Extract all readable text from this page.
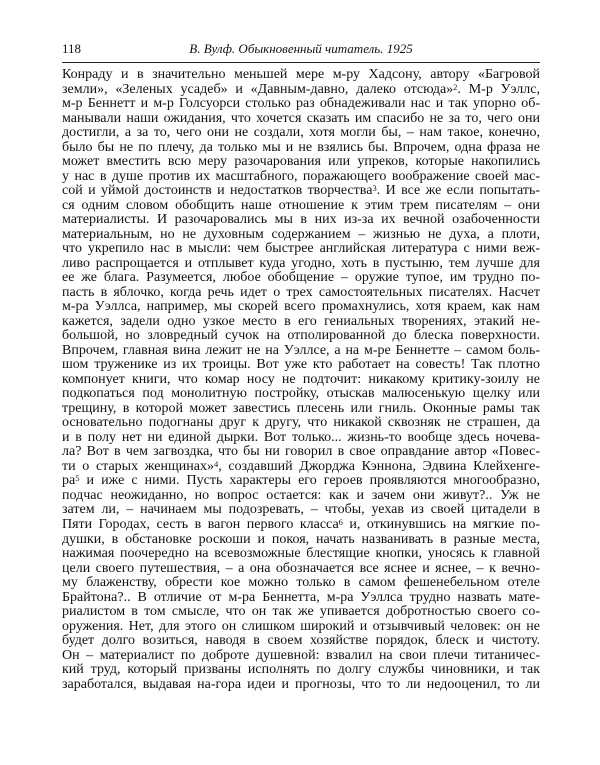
118	В. Вулф. Обыкновенный читатель. 1925
Конраду и в значительно меньшей мере м-ру Хадсону, автору «Багровой
земли», «Зеленых усадеб» и «Давным-давно, далеко отсюда»$^2$. М-р Уэллс,
м-р Беннетт и м-р Голсуорси столько раз обнадеживали нас и так упорно об-
манывали наши ожидания, что хочется сказать им спасибо не за то, чего они
достигли, а за то, чего они не создали, хотя могли бы, – нам такое, конечно,
было бы не по плечу, да только мы и не взялись бы. Впрочем, одна фраза не
может вместить всю меру разочарования или упреков, которые накопились
у нас в душе против их масштабного, поражающего воображение своей мас-
сой и уймой достоинств и недостатков творчества$^3$. И все же если попытать-
ся одним словом обобщить наше отношение к этим трем писателям – они
материалисты. И разочаровались мы в них из-за их вечной озабоченности
материальным, но не духовным содержанием – жизнью не духа, а плоти,
что укрепило нас в мысли: чем быстрее английская литература с ними веж-
ливо распрощается и отплывет куда угодно, хоть в пустыню, тем лучше для
ее же блага. Разумеется, любое обобщение – оружие тупое, им трудно по-
пасть в яблочко, когда речь идет о трех самостоятельных писателях. Насчет
м-ра Уэллса, например, мы скорей всего промахнулись, хотя краем, как нам
кажется, задели одно узкое место в его гениальных творениях, этакий не-
большой, но зловредный сучок на отполированной до блеска поверхности.
Впрочем, главная вина лежит не на Уэллсе, а на м-ре Беннетте – самом боль-
шом труженике из их троицы. Вот уже кто работает на совесть! Так плотно
компонует книги, что комар носу не подточит: никакому критику-зоилу не
подкопаться под монолитную постройку, отыскав малюсенькую щелку или
трещину, в которой может завестись плесень или гниль. Оконные рамы так
основательно подогнаны друг к другу, что никакой сквозняк не страшен, да
и в полу нет ни единой дырки. Вот только... жизнь-то вообще здесь ночева-
ла? Вот в чем загвоздка, что бы ни говорил в свое оправдание автор «Повес-
ти о старых женщинах»$^4$, создавший Джорджа Кэннона, Эдвина Клейхенге-
$ра^5$ и иже с ними. Пусть характеры его героев проявляются многообразно,
подчас неожиданно, но вопрос остается: как и зачем они живут?.. Уж не
затем ли, – начинаем мы подозревать, – чтобы, уехав из своей цитадели в
Пяти Городах, сесть в вагон первого класса$^6$ и, откинувшись на мягкие по-
душки, в обстановке роскоши и покоя, начать названивать в разные места,
нажимая поочередно на всевозможные блестящие кнопки, уносясь к главной
цели своего путешествия, – а она обозначается все яснее и яснее, – к вечно-
му блаженству, обрести кое можно только в самом фешенебельном отеле
Брайтона?.. В отличие от м-ра Беннетта, м-ра Уэллса трудно назвать мате-
риалистом в том смысле, что он так же упивается добротностью своего со-
оружения. Нет, для этого он слишком широкий и отзывчивый человек: он не
будет долго возиться, наводя в своем хозяйстве порядок, блеск и чистоту.
Он – материалист по доброте душевной: взвалил на свои плечи титаничес-
кий труд, который призваны исполнять по долгу службы чиновники, и так
заработался, выдавая на-гора идеи и прогнозы, что то ли недооценил, то ли
